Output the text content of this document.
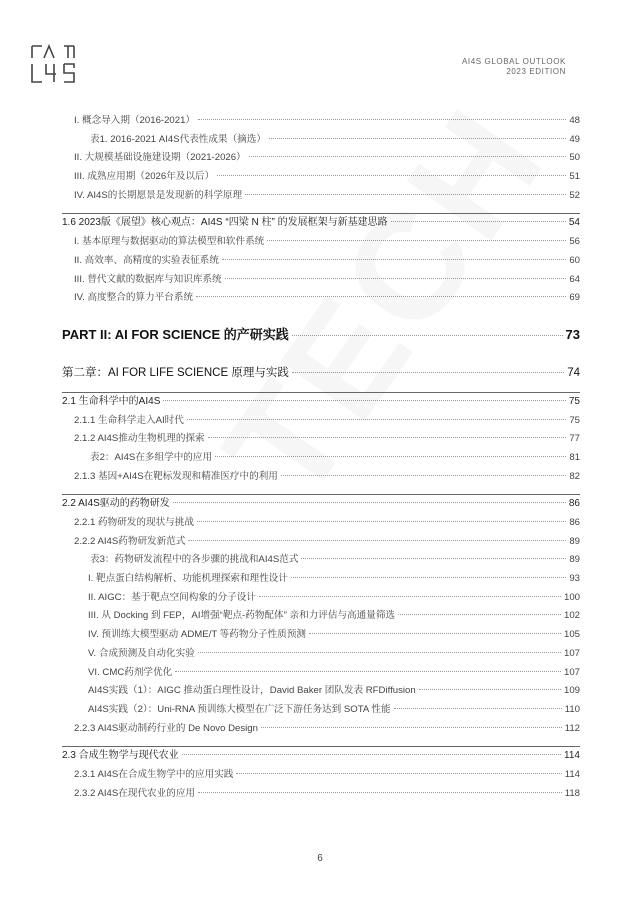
AI4S GLOBAL OUTLOOK
2023 EDITION
I. 概念导入期（2016-2021）	48
表1. 2016-2021 AI4S代表性成果（摘选）	49
II. 大规模基础设施建设期（2021-2026）	50
III. 成熟应用期（2026年及以后）	51
IV. AI4S的长期愿景是发现新的科学原理	52
1.6 2023版《展望》核心观点：AI4S “四梁 N 柱” 的发展框架与新基建思路	54
I. 基本原理与数据驱动的算法模型和软件系统	56
II. 高效率、高精度的实验表征系统	60
III. 替代文献的数据库与知识库系统	64
IV. 高度整合的算力平台系统	69
PART II: AI FOR SCIENCE 的产研实践	73
第二章：AI FOR LIFE SCIENCE 原理与实践	74
2.1 生命科学中的AI4S	75
2.1.1 生命科学走入AI时代	75
2.1.2 AI4S推动生物机理的探索	77
表2：AI4S在多组学中的应用	81
2.1.3 基因+AI4S在靶标发现和精准医疗中的利用	82
2.2 AI4S驱动的药物研发	86
2.2.1 药物研发的现状与挑战	86
2.2.2 AI4S药物研发新范式	89
表3：药物研发流程中的各步骤的挑战和AI4S范式	89
I. 靶点蛋白结构解析、功能机理探索和理性设计	93
II. AIGC：基于靶点空间构象的分子设计	100
III. 从 Docking 到 FEP，AI增强“靶点-药物配体” 亲和力评估与高通量筛选	102
IV. 预训练大模型驱动 ADME/T 等药物分子性质预测	105
V. 合成预测及自动化实验	107
VI. CMC药剂学优化	107
AI4S实践（1）：AIGC 推动蛋白理性设计，David Baker 团队发表 RFDiffusion	109
AI4S实践（2）：Uni-RNA 预训练大模型在广泛下游任务达到 SOTA 性能	110
2.2.3 AI4S驱动制药行业的 De Novo Design	112
2.3 合成生物学与现代农业	114
2.3.1 AI4S在合成生物学中的应用实践	114
2.3.2 AI4S在现代农业的应用	118
6
